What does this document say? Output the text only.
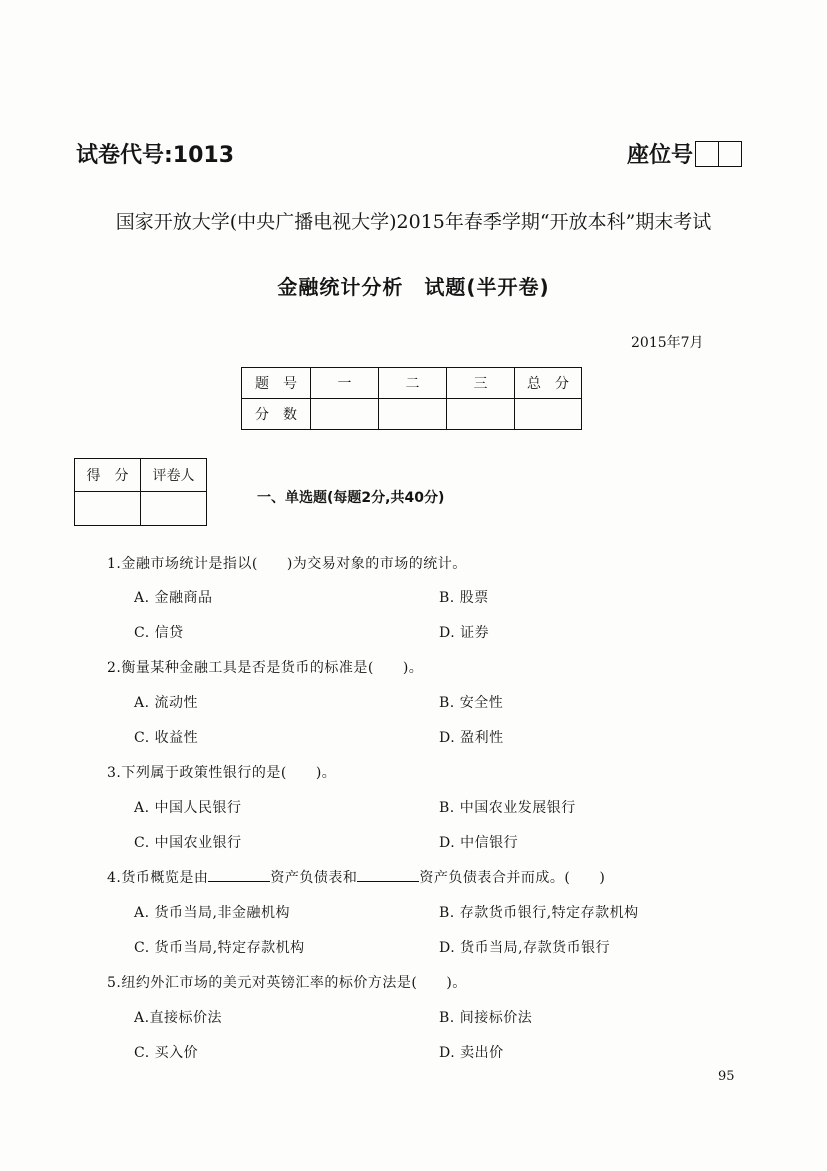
试卷代号:1013	座位号
国家开放大学(中央广播电视大学)2015年春季学期“开放本科”期末考试
金融统计分析　试题(半开卷)
2015年7月
题　号	一	二	三	总　分
分　数				
得　分	评卷人

一、单选题(每题2分,共40分)
1.金融市场统计是指以(　　)为交易对象的市场的统计。
A. 金融商品	B. 股票
C. 信贷	D. 证券
2.衡量某种金融工具是否是货币的标准是(　　)。
A. 流动性	B. 安全性
C. 收益性	D. 盈利性
3.下列属于政策性银行的是(　　)。
A. 中国人民银行	B. 中国农业发展银行
C. 中国农业银行	D. 中信银行
4.货币概览是由	资产负债表和	资产负债表合并而成。(　　)
A. 货币当局,非金融机构	B. 存款货币银行,特定存款机构
C. 货币当局,特定存款机构	D. 货币当局,存款货币银行
5.纽约外汇市场的美元对英镑汇率的标价方法是(　　)。
A.直接标价法	B. 间接标价法
C. 买入价	D. 卖出价
95
